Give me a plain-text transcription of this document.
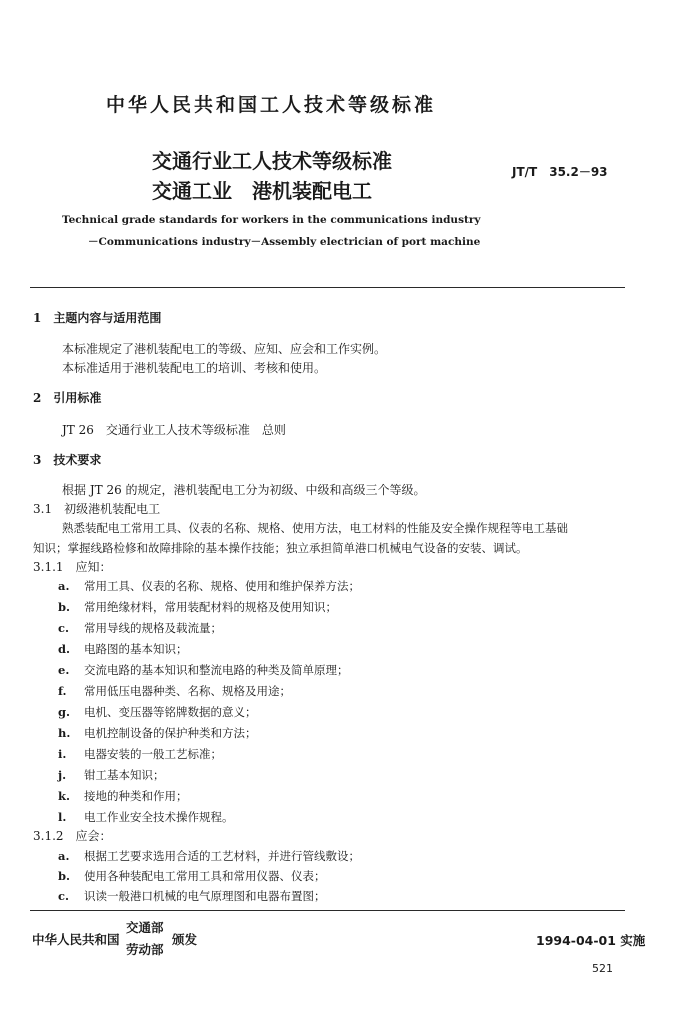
中华人民共和国工人技术等级标准
交通行业工人技术等级标准
交通工业　港机装配电工
JT/T　35.2－93
Technical grade standards for workers in the communications industry
－Communications industry－Assembly electrician of port machine
1　主题内容与适用范围
本标准规定了港机装配电工的等级、应知、应会和工作实例。
本标准适用于港机装配电工的培训、考核和使用。
2　引用标准
JT 26　交通行业工人技术等级标准　总则
3　技术要求
根据 JT 26 的规定，港机装配电工分为初级、中级和高级三个等级。
3.1　初级港机装配电工
熟悉装配电工常用工具、仪表的名称、规格、使用方法，电工材料的性能及安全操作规程等电工基础
知识；掌握线路检修和故障排除的基本操作技能；独立承担简单港口机械电气设备的安装、调试。
3.1.1　应知：
a. 常用工具、仪表的名称、规格、使用和维护保养方法；
b. 常用绝缘材料，常用装配材料的规格及使用知识；
c. 常用导线的规格及载流量；
d. 电路图的基本知识；
e. 交流电路的基本知识和整流电路的种类及简单原理；
f. 常用低压电器种类、名称、规格及用途；
g. 电机、变压器等铭牌数据的意义；
h. 电机控制设备的保护种类和方法；
i. 电器安装的一般工艺标准；
j. 钳工基本知识；
k. 接地的种类和作用；
l. 电工作业安全技术操作规程。
3.1.2　应会：
a. 根据工艺要求选用合适的工艺材料，并进行管线敷设；
b. 使用各种装配电工常用工具和常用仪器、仪表；
c. 识读一般港口机械的电气原理图和电器布置图；
中华人民共和国
交通部
劳动部
颁发	1994-04-01 实施
521
